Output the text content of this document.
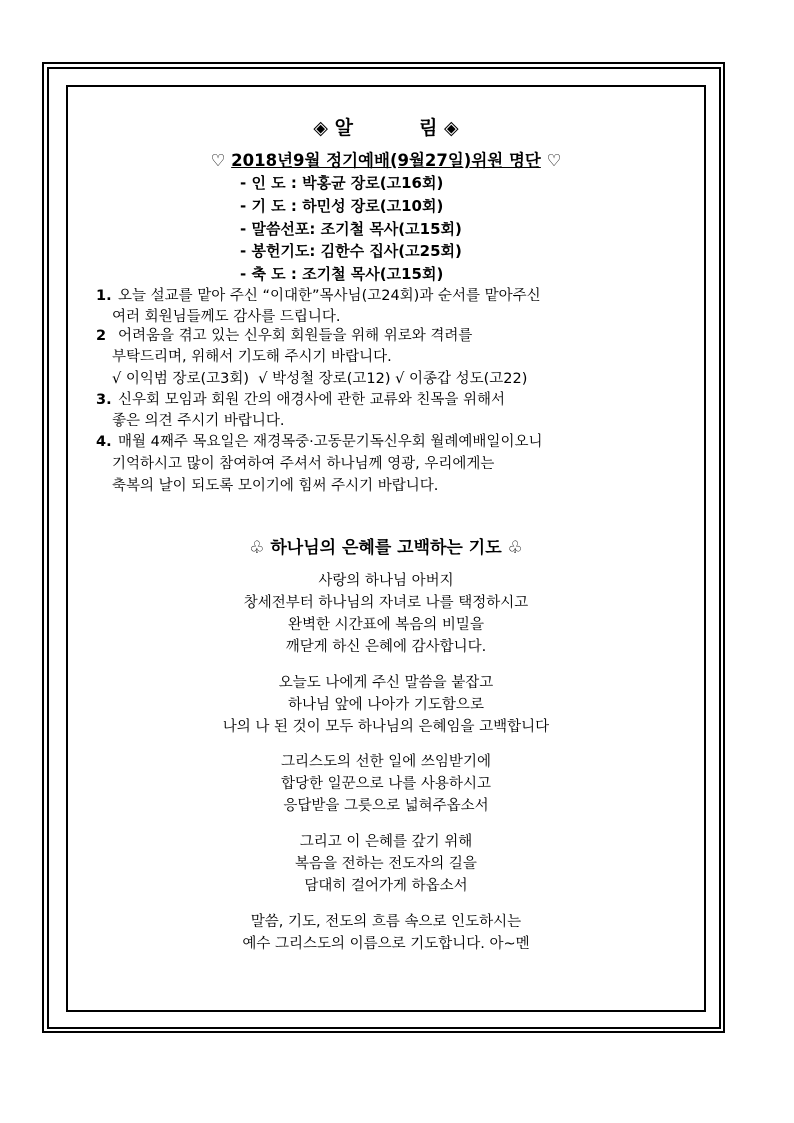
◈ 알          림 ◈
♡ 2018년9월 정기예배(9월27일)위원 명단 ♡
- 인 도 : 박홍균 장로(고16회)
- 기 도 : 하민성 장로(고10회)
- 말씀선포: 조기철 목사(고15회)
- 봉헌기도: 김한수 집사(고25회)
- 축 도 : 조기철 목사(고15회)
1. 오늘 설교를 맡아 주신 “이대한”목사님(고24회)과 순서를 맡아주신
여러 회원님들께도 감사를 드립니다.
2 어려움을 겪고 있는 신우회 회원들을 위해 위로와 격려를
부탁드리며, 위해서 기도해 주시기 바랍니다.
√ 이익범 장로(고3회)  √ 박성철 장로(고12) √ 이종갑 성도(고22)
3. 신우회 모임과 회원 간의 애경사에 관한 교류와 친목을 위해서
좋은 의견 주시기 바랍니다.
4. 매월 4째주 목요일은 재경목중·고동문기독신우회 월례예배일이오니
기억하시고 많이 참여하여 주셔서 하나님께 영광, 우리에게는
축복의 날이 되도록 모이기에 힘써 주시기 바랍니다.
♧ 하나님의 은혜를 고백하는 기도 ♧
사랑의 하나님 아버지
창세전부터 하나님의 자녀로 나를 택정하시고
완벽한 시간표에 복음의 비밀을
깨닫게 하신 은혜에 감사합니다.
오늘도 나에게 주신 말씀을 붙잡고
하나님 앞에 나아가 기도함으로
나의 나 된 것이 모두 하나님의 은혜임을 고백합니다
그리스도의 선한 일에 쓰임받기에
합당한 일꾼으로 나를 사용하시고
응답받을 그릇으로 넓혀주옵소서
그리고 이 은혜를 갚기 위해
복음을 전하는 전도자의 길을
담대히 걸어가게 하옵소서
말씀, 기도, 전도의 흐름 속으로 인도하시는
예수 그리스도의 이름으로 기도합니다. 아~멘
